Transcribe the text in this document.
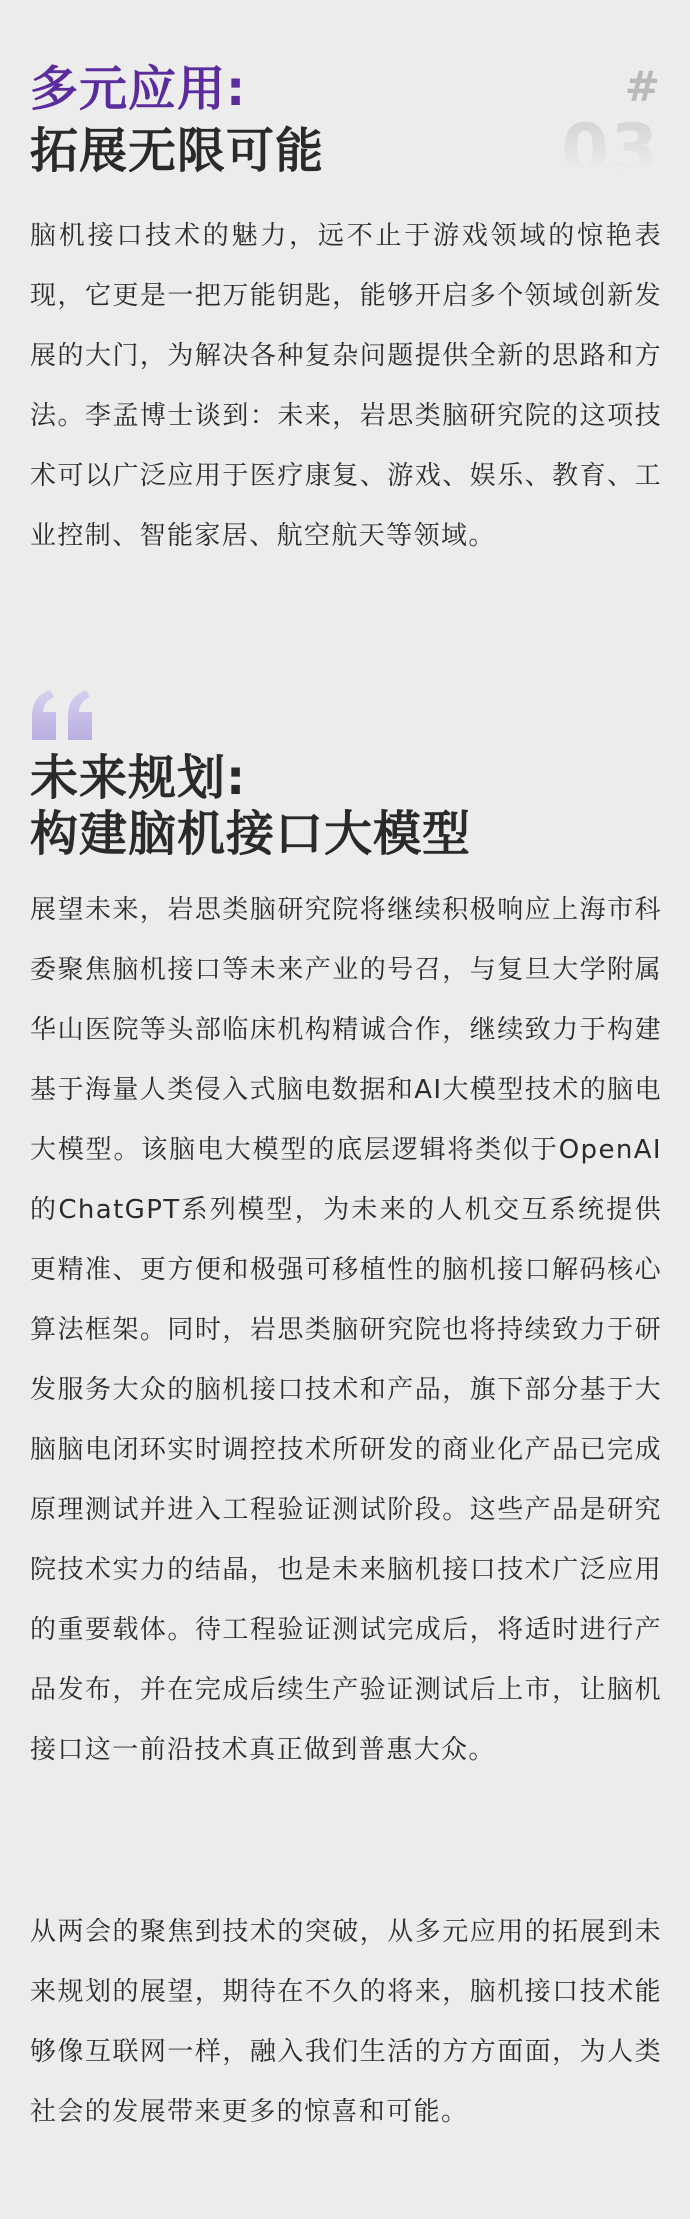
多元应用:
拓展无限可能
#
03

脑机接口技术的魅力，远不止于游戏领域的惊艳表现，它更是一把万能钥匙，能够开启多个领域创新发展的大门，为解决各种复杂问题提供全新的思路和方法。李孟博士谈到：未来，岩思类脑研究院的这项技术可以广泛应用于医疗康复、游戏、娱乐、教育、工业控制、智能家居、航空航天等领域。

未来规划:
构建脑机接口大模型

展望未来，岩思类脑研究院将继续积极响应上海市科委聚焦脑机接口等未来产业的号召，与复旦大学附属华山医院等头部临床机构精诚合作，继续致力于构建基于海量人类侵入式脑电数据和AI大模型技术的脑电大模型。该脑电大模型的底层逻辑将类似于OpenAI的ChatGPT系列模型，为未来的人机交互系统提供更精准、更方便和极强可移植性的脑机接口解码核心算法框架。同时，岩思类脑研究院也将持续致力于研发服务大众的脑机接口技术和产品，旗下部分基于大脑脑电闭环实时调控技术所研发的商业化产品已完成原理测试并进入工程验证测试阶段。这些产品是研究院技术实力的结晶，也是未来脑机接口技术广泛应用的重要载体。待工程验证测试完成后，将适时进行产品发布，并在完成后续生产验证测试后上市，让脑机接口这一前沿技术真正做到普惠大众。

从两会的聚焦到技术的突破，从多元应用的拓展到未来规划的展望，期待在不久的将来，脑机接口技术能够像互联网一样，融入我们生活的方方面面，为人类社会的发展带来更多的惊喜和可能。
